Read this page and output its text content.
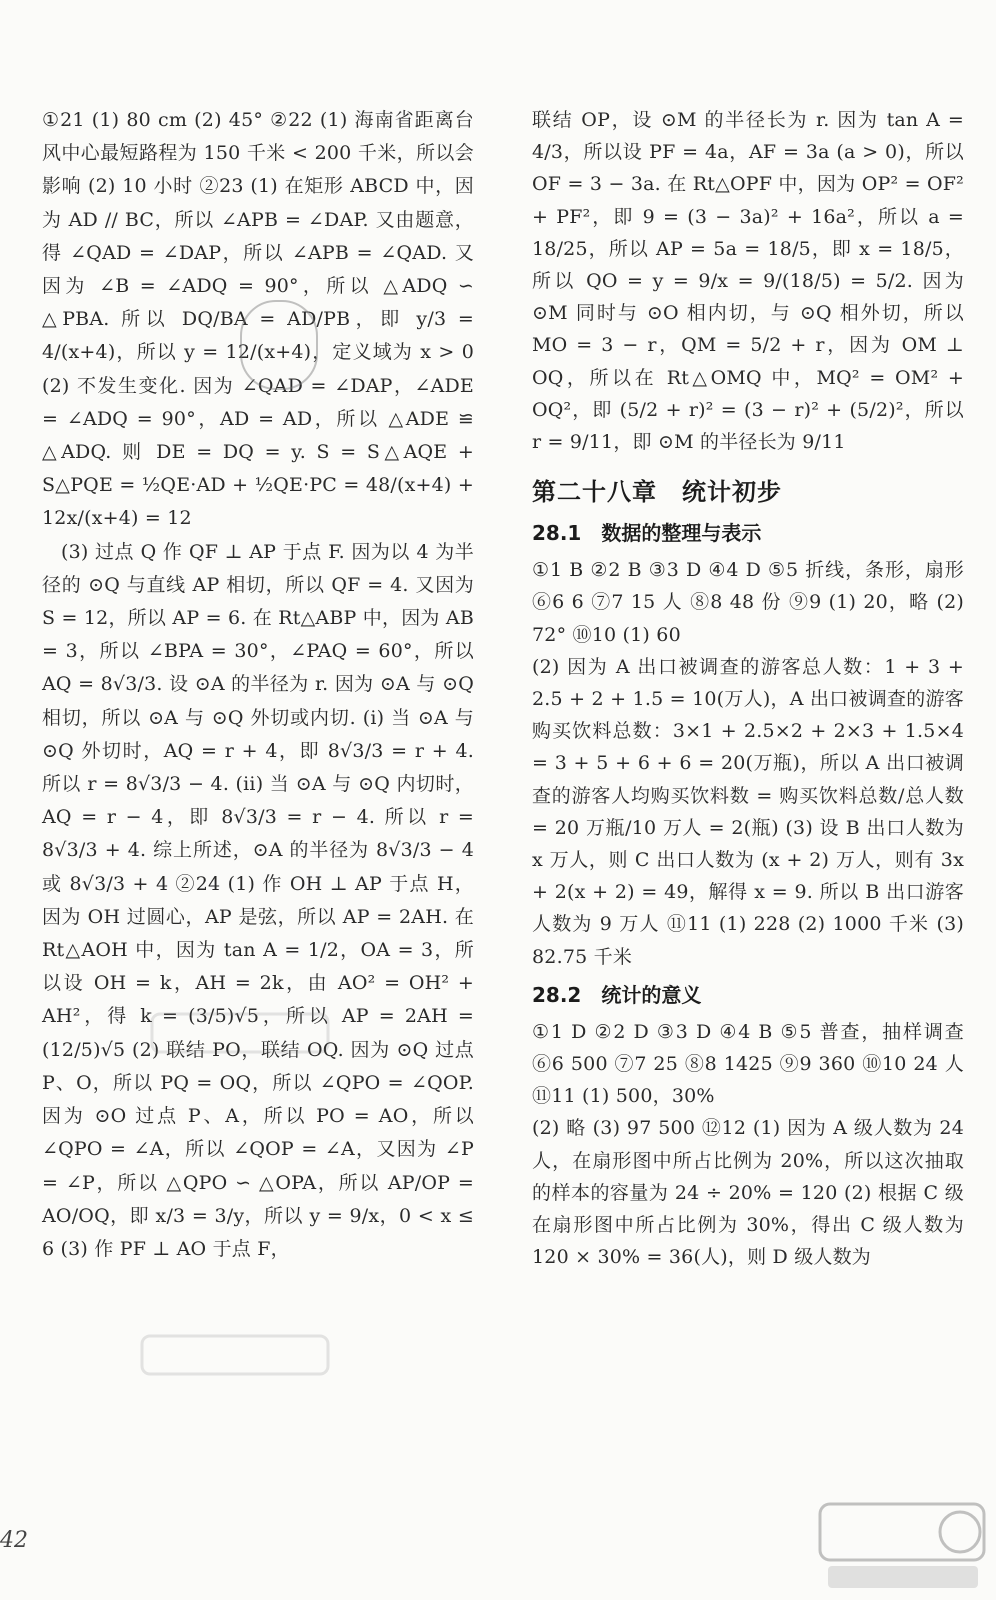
①21 (1) 80 cm (2) 45° ②22 (1) 海南省距离台风中心最短路程为 150 千米 < 200 千米，所以会影响 (2) 10 小时 ②23 (1) 在矩形 ABCD 中，因为 AD // BC，所以 ∠APB = ∠DAP. 又由题意，得 ∠QAD = ∠DAP，所以 ∠APB = ∠QAD. 又因为 ∠B = ∠ADQ = 90°，所以 △ADQ ∽ △PBA. 所以 DQ/BA = AD/PB，即 y/3 = 4/(x+4)，所以 y = 12/(x+4)，定义域为 x > 0 (2) 不发生变化. 因为 ∠QAD = ∠DAP，∠ADE = ∠ADQ = 90°，AD = AD，所以 △ADE ≌ △ADQ. 则 DE = DQ = y. S = S△AQE + S△PQE = ½QE·AD + ½QE·PC = 48/(x+4) + 12x/(x+4) = 12

(3) 过点 Q 作 QF ⊥ AP 于点 F. 因为以 4 为半径的 ⊙Q 与直线 AP 相切，所以 QF = 4. 又因为 S = 12，所以 AP = 6. 在 Rt△ABP 中，因为 AB = 3，所以 ∠BPA = 30°，∠PAQ = 60°，所以 AQ = 8√3/3. 设 ⊙A 的半径为 r. 因为 ⊙A 与 ⊙Q 相切，所以 ⊙A 与 ⊙Q 外切或内切. (i) 当 ⊙A 与 ⊙Q 外切时，AQ = r + 4，即 8√3/3 = r + 4. 所以 r = 8√3/3 − 4. (ii) 当 ⊙A 与 ⊙Q 内切时，AQ = r − 4，即 8√3/3 = r − 4. 所以 r = 8√3/3 + 4. 综上所述，⊙A 的半径为 8√3/3 − 4 或 8√3/3 + 4 ②24 (1) 作 OH ⊥ AP 于点 H，因为 OH 过圆心，AP 是弦，所以 AP = 2AH. 在 Rt△AOH 中，因为 tan A = 1/2，OA = 3，所以设 OH = k，AH = 2k，由 AO² = OH² + AH²，得 k = (3/5)√5，所以 AP = 2AH = (12/5)√5 (2) 联结 PO，联结 OQ. 因为 ⊙Q 过点 P、O，所以 PQ = OQ，所以 ∠QPO = ∠QOP. 因为 ⊙O 过点 P、A，所以 PO = AO，所以 ∠QPO = ∠A，所以 ∠QOP = ∠A，又因为 ∠P = ∠P，所以 △QPO ∽ △OPA，所以 AP/OP = AO/OQ，即 x/3 = 3/y，所以 y = 9/x，0 < x ≤ 6 (3) 作 PF ⊥ AO 于点 F，

联结 OP，设 ⊙M 的半径长为 r. 因为 tan A = 4/3，所以设 PF = 4a，AF = 3a (a > 0)，所以 OF = 3 − 3a. 在 Rt△OPF 中，因为 OP² = OF² + PF²，即 9 = (3 − 3a)² + 16a²，所以 a = 18/25，所以 AP = 5a = 18/5，即 x = 18/5，所以 QO = y = 9/x = 9/(18/5) = 5/2. 因为 ⊙M 同时与 ⊙O 相内切，与 ⊙Q 相外切，所以 MO = 3 − r，QM = 5/2 + r，因为 OM ⊥ OQ，所以在 Rt△OMQ 中，MQ² = OM² + OQ²，即 (5/2 + r)² = (3 − r)² + (5/2)²，所以 r = 9/11，即 ⊙M 的半径长为 9/11

第二十八章　统计初步
28.1　数据的整理与表示

①1 B ②2 B ③3 D ④4 D ⑤5 折线，条形，扇形 ⑥6 6 ⑦7 15 人 ⑧8 48 份 ⑨9 (1) 20，略 (2) 72° ⑩10 (1) 60

(2) 因为 A 出口被调查的游客总人数：1 + 3 + 2.5 + 2 + 1.5 = 10(万人)，A 出口被调查的游客购买饮料总数：3×1 + 2.5×2 + 2×3 + 1.5×4 = 3 + 5 + 6 + 6 = 20(万瓶)，所以 A 出口被调查的游客人均购买饮料数 = 购买饮料总数/总人数 = 20 万瓶/10 万人 = 2(瓶) (3) 设 B 出口人数为 x 万人，则 C 出口人数为 (x + 2) 万人，则有 3x + 2(x + 2) = 49，解得 x = 9. 所以 B 出口游客人数为 9 万人 ⑪11 (1) 228 (2) 1000 千米 (3) 82.75 千米

28.2　统计的意义

①1 D ②2 D ③3 D ④4 B ⑤5 普查，抽样调查 ⑥6 500 ⑦7 25 ⑧8 1425 ⑨9 360 ⑩10 24 人 ⑪11 (1) 500，30%

(2) 略 (3) 97 500 ⑫12 (1) 因为 A 级人数为 24 人，在扇形图中所占比例为 20%，所以这次抽取的样本的容量为 24 ÷ 20% = 120 (2) 根据 C 级在扇形图中所占比例为 30%，得出 C 级人数为 120 × 30% = 36(人)，则 D 级人数为

42
